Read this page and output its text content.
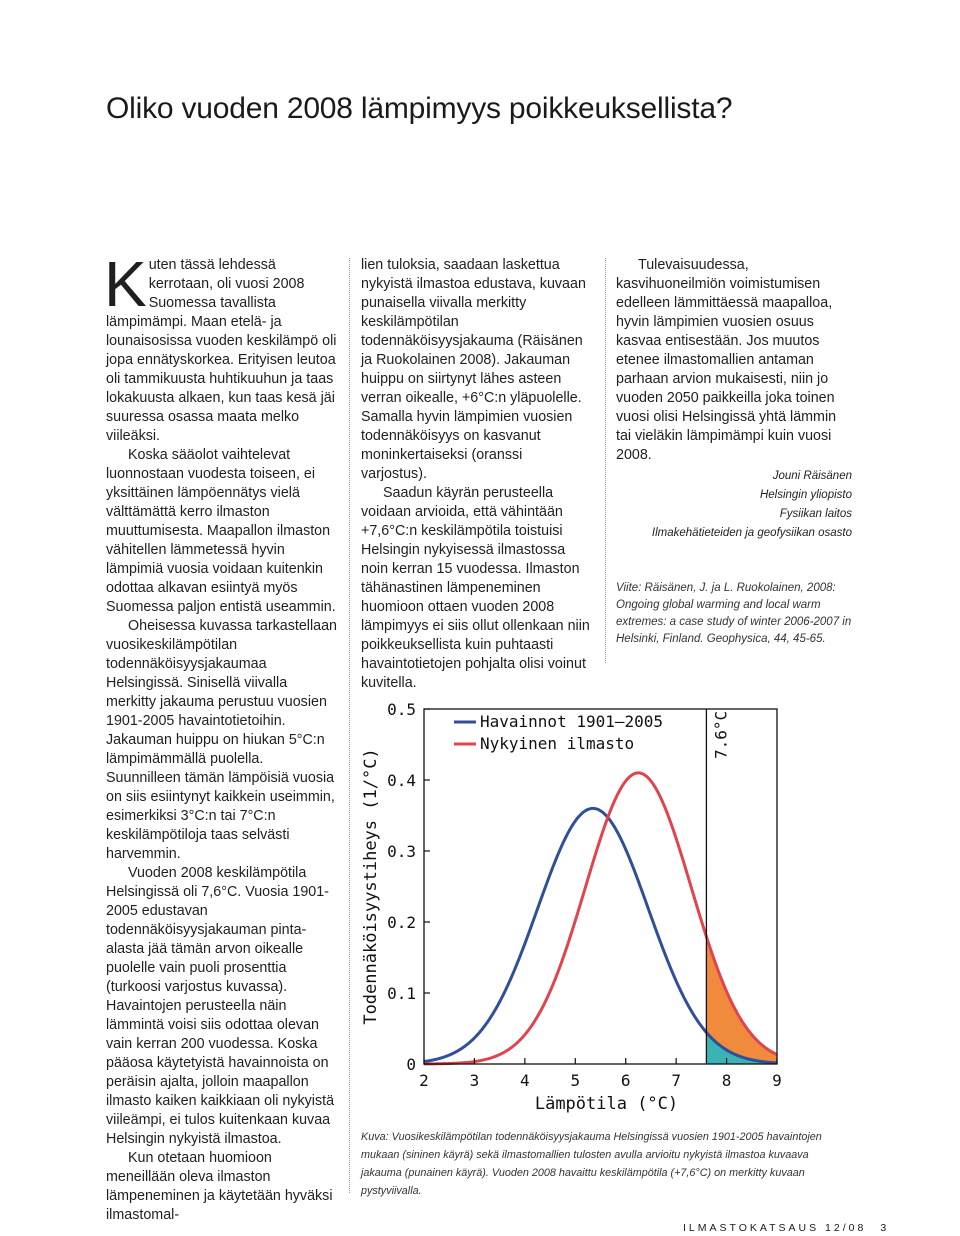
Oliko vuoden 2008 lämpimyys poikkeuksellista?

Kuten tässä lehdessä kerrotaan, oli vuosi 2008 Suomessa tavallista lämpimämpi. Maan etelä- ja lounaisosissa vuoden keskilämpö oli jopa ennätyskorkea. Erityisen leutoa oli tammikuusta huhtikuuhun ja taas lokakuusta alkaen, kun taas kesä jäi suuressa osassa maata melko viileäksi.

Koska sääolot vaihtelevat luonnostaan vuodesta toiseen, ei yksittäinen lämpöennätys vielä välttämättä kerro ilmaston muuttumisesta. Maapallon ilmaston vähitellen lämmetessä hyvin lämpimiä vuosia voidaan kuitenkin odottaa alkavan esiintyä myös Suomessa paljon entistä useammin.

Oheisessa kuvassa tarkastellaan vuosikeskilämpötilan todennäköisyysjakaumaa Helsingissä. Sinisellä viivalla merkitty jakauma perustuu vuosien 1901-2005 havaintotietoihin. Jakauman huippu on hiukan 5°C:n lämpimämmällä puolella. Suunnilleen tämän lämpöisiä vuosia on siis esiintynyt kaikkein useimmin, esimerkiksi 3°C:n tai 7°C:n keskilämpötiloja taas selvästi harvemmin.

Vuoden 2008 keskilämpötila Helsingissä oli 7,6°C. Vuosia 1901-2005 edustavan todennäköisyysjakauman pinta-alasta jää tämän arvon oikealle puolelle vain puoli prosenttia (turkoosi varjostus kuvassa). Havaintojen perusteella näin lämmintä voisi siis odottaa olevan vain kerran 200 vuodessa. Koska pääosa käytetyistä havainnoista on peräisin ajalta, jolloin maapallon ilmasto kaiken kaikkiaan oli nykyistä viileämpi, ei tulos kuitenkaan kuvaa Helsingin nykyistä ilmastoa.

Kun otetaan huomioon meneillään oleva ilmaston lämpeneminen ja käytetään hyväksi ilmastomal-

lien tuloksia, saadaan laskettua nykyistä ilmastoa edustava, kuvaan punaisella viivalla merkitty keskilämpötilan todennäköisyysjakauma (Räisänen ja Ruokolainen 2008). Jakauman huippu on siirtynyt lähes asteen verran oikealle, +6°C:n yläpuolelle. Samalla hyvin lämpimien vuosien todennäköisyys on kasvanut moninkertaiseksi (oranssi varjostus).

Saadun käyrän perusteella voidaan arvioida, että vähintään +7,6°C:n keskilämpötila toistuisi Helsingin nykyisessä ilmastossa noin kerran 15 vuodessa. Ilmaston tähänastinen lämpeneminen huomioon ottaen vuoden 2008 lämpimyys ei siis ollut ollenkaan niin poikkeuksellista kuin puhtaasti havaintotietojen pohjalta olisi voinut kuvitella.

Tulevaisuudessa, kasvihuoneilmiön voimistumisen edelleen lämmittäessä maapalloa, hyvin lämpimien vuosien osuus kasvaa entisestään. Jos muutos etenee ilmastomallien antaman parhaan arvion mukaisesti, niin jo vuoden 2050 paikkeilla joka toinen vuosi olisi Helsingissä yhtä lämmin tai vieläkin lämpimämpi kuin vuosi 2008.

Jouni Räisänen

Helsingin yliopisto

Fysiikan laitos

Ilmakehätieteiden ja geofysiikan osasto

Viite: Räisänen, J. ja L. Ruokolainen, 2008: Ongoing global warming and local warm extremes: a case study of winter 2006-2007 in Helsinki, Finland. Geophysica, 44, 45-65.

2	3	4	5	6	7	8	9
0
0.1
0.2
0.3
0.4
0.5
7.6°C
Havainnot 1901–2005
Nykyinen ilmasto
Lämpötila (°C)
Todennäköisyystiheys (1/°C)

Kuva: Vuosikeskilämpötilan todennäköisyysjakauma Helsingissä vuosien 1901-2005 havaintojen mukaan (sininen käyrä) sekä ilmastomallien tulosten avulla arvioitu nykyistä ilmastoa kuvaava jakauma (punainen käyrä). Vuoden 2008 havaittu keskilämpötila (+7,6°C) on merkitty kuvaan pystyviivalla.

ILMASTOKATSAUS 12/08 3
